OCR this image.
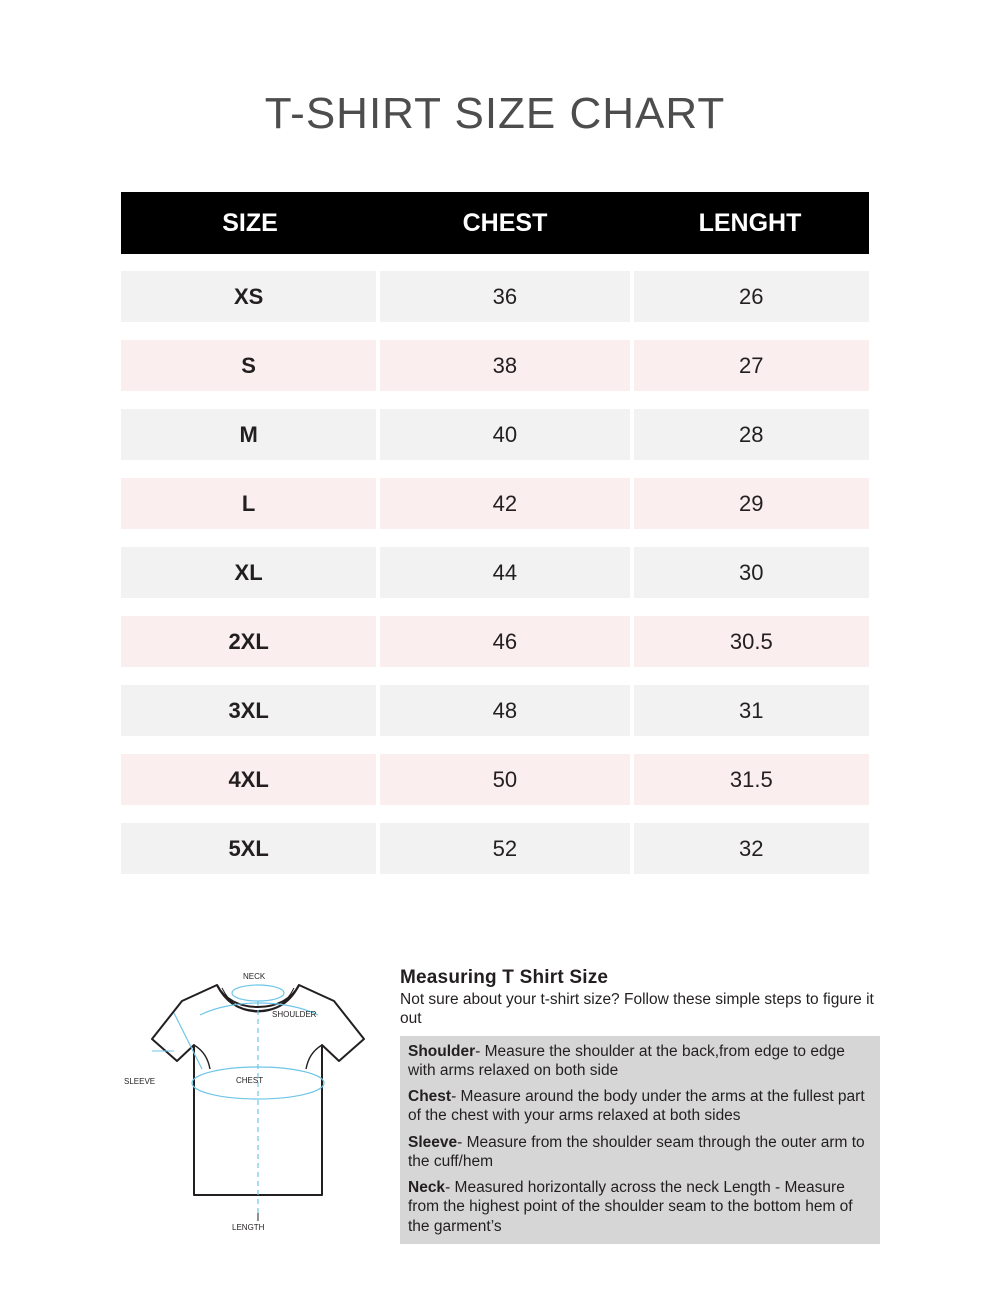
T-SHIRT SIZE CHART
SIZE	CHEST	LENGHT
XS	36	26
S	38	27
M	40	28
L	42	29
XL	44	30
2XL	46	30.5
3XL	48	31
4XL	50	31.5
5XL	52	32
NECK
SHOULDER
SLEEVE	CHEST
LENGTH
Measuring T Shirt Size
Not sure about your t-shirt size? Follow these simple steps to figure it out
Shoulder- Measure the shoulder at the back,from edge to edge with arms relaxed on both side
Chest- Measure around the body under the arms at the fullest part of the chest with your arms relaxed at both sides
Sleeve- Measure from the shoulder seam through the outer arm to the cuff/hem
Neck- Measured horizontally across the neck Length - Measure from the highest point of the shoulder seam to the bottom hem of the garment’s
